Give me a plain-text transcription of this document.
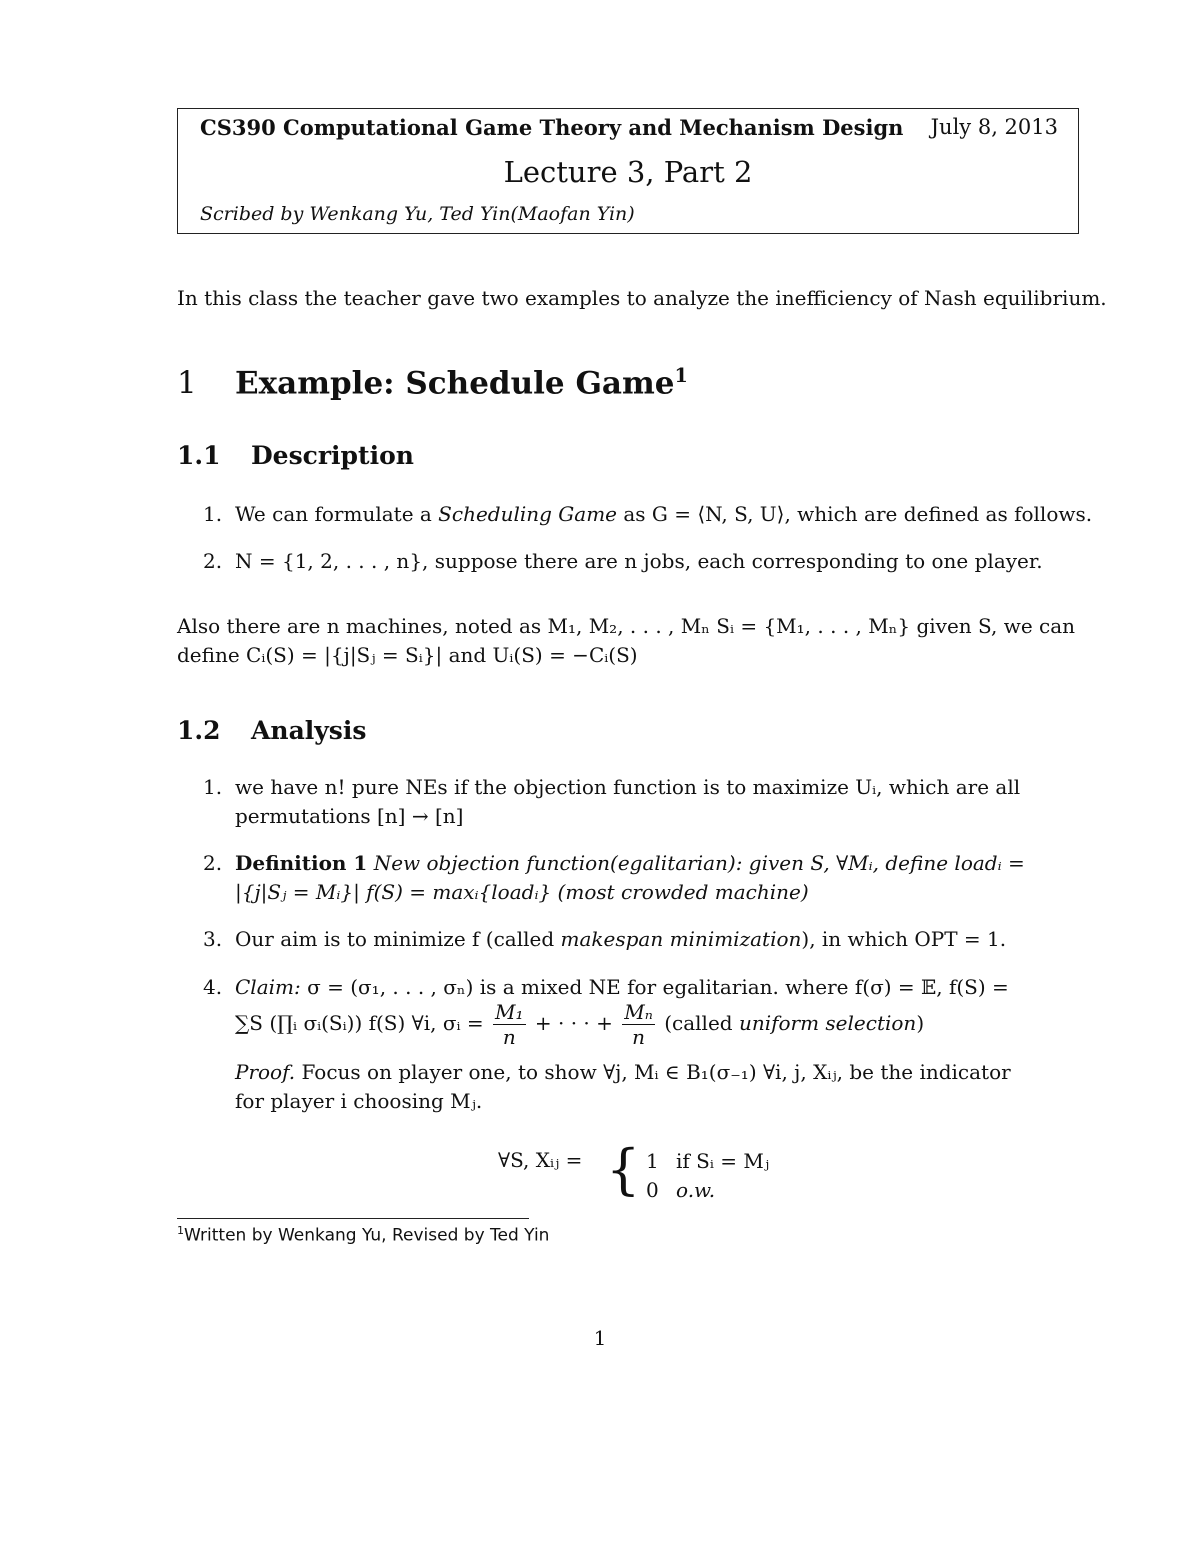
CS390 Computational Game Theory and Mechanism Design July 8, 2013
Lecture 3, Part 2
Scribed by Wenkang Yu, Ted Yin(Maofan Yin)
In this class the teacher gave two examples to analyze the inefficiency of Nash equilibrium.
1 Example: Schedule Game$^1$
1.1 Description
1. We can formulate a Scheduling Game as G = ⟨N, S, U⟩, which are defined as follows.
2. N = {1, 2, . . . , n}, suppose there are n jobs, each corresponding to one player.
Also there are n machines, noted as M₁, M₂, . . . , Mₙ Sᵢ = {M₁, . . . , Mₙ} given S, we can
define Cᵢ(S) = |{j|Sⱼ = Sᵢ}| and Uᵢ(S) = −Cᵢ(S)
1.2 Analysis
1. we have n! pure NEs if the objection function is to maximize Uᵢ, which are all
permutations [n] → [n]
2. Definition 1 New objection function(egalitarian): given S, ∀Mᵢ, define loadᵢ =
|{j|Sⱼ = Mᵢ}| f(S) = maxᵢ{loadᵢ} (most crowded machine)
3. Our aim is to minimize f (called makespan minimization), in which OPT = 1.
4. Claim: σ = (σ₁, . . . , σₙ) is a mixed NE for egalitarian. where f(σ) = 𝔼, f(S) =
∑S (∏ᵢ σᵢ(Sᵢ)) f(S) ∀i, σᵢ = $\frac{\text{M₁}}{n}$ + · · · + $\frac{\text{Mₙ}}{n}$ (called uniform selection)
Proof. Focus on player one, to show ∀j, Mᵢ ∈ B₁(σ₋₁) ∀i, j, Xᵢⱼ, be the indicator
for player i choosing Mⱼ.
∀S, Xᵢⱼ = { 1 if Sᵢ = Mⱼ
0 o.w.
$^1$Written by Wenkang Yu, Revised by Ted Yin
1
